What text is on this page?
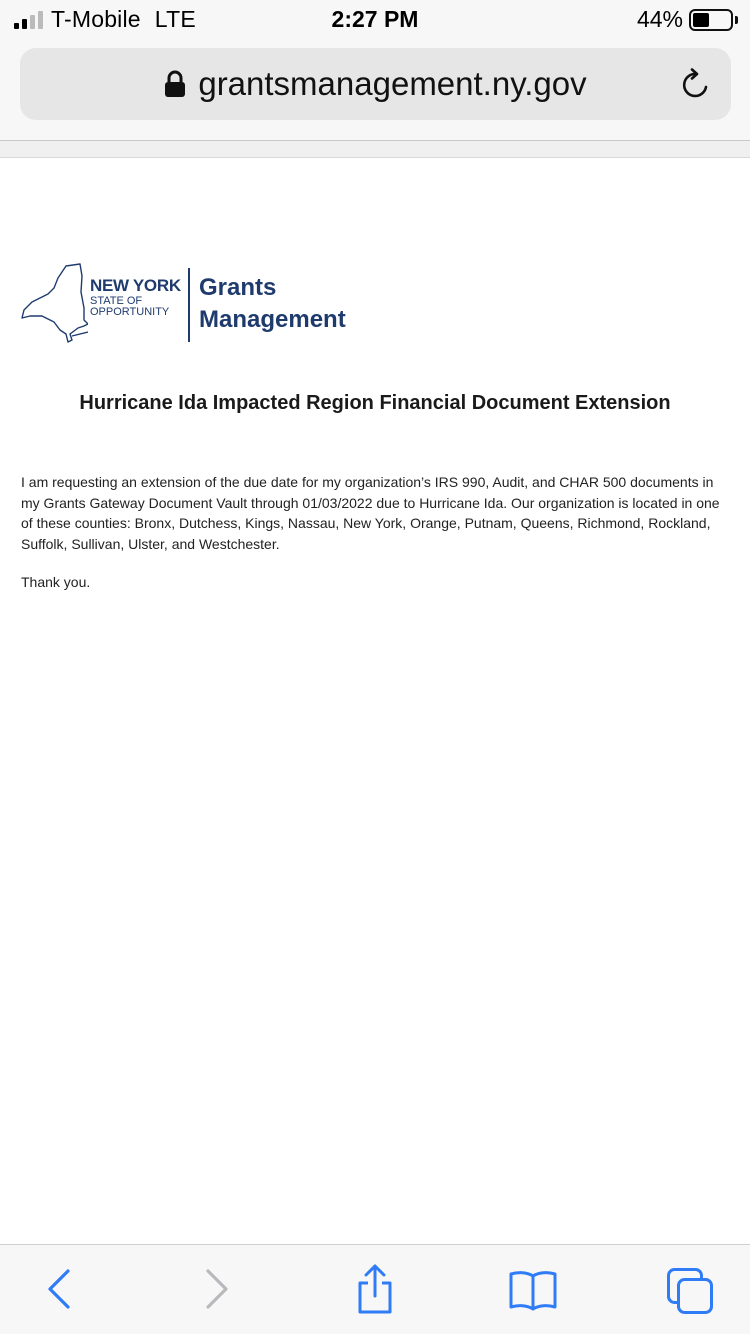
T-Mobile LTE	2:27 PM	44%
grantsmanagement.ny.gov
NEW YORK
STATE OF
OPPORTUNITY
Grants
Management
Hurricane Ida Impacted Region Financial Document Extension
I am requesting an extension of the due date for my organization’s IRS 990, Audit, and CHAR 500 documents in my Grants Gateway Document Vault through 01/03/2022 due to Hurricane Ida. Our organization is located in one of these counties: Bronx, Dutchess, Kings, Nassau, New York, Orange, Putnam, Queens, Richmond, Rockland, Suffolk, Sullivan, Ulster, and Westchester.
Thank you.
